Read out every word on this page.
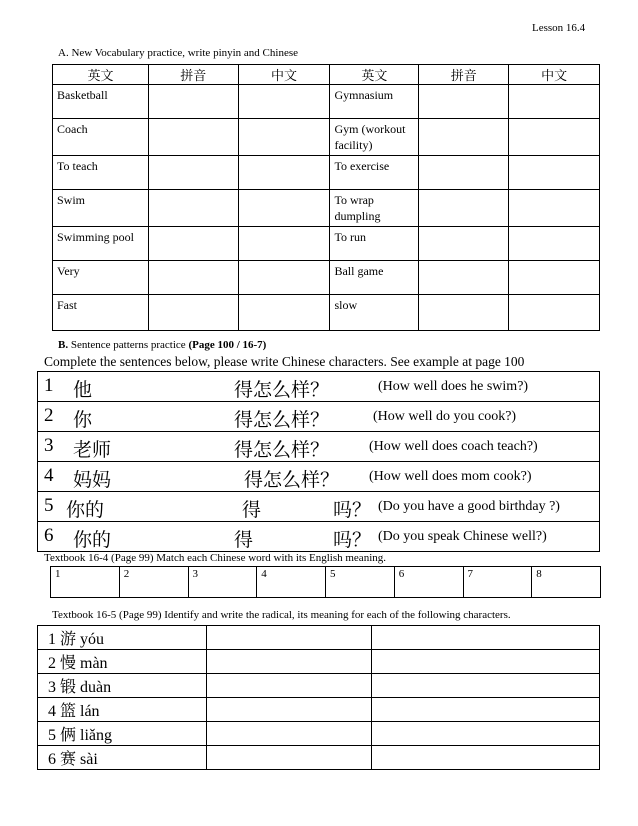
Lesson 16.4
A. New Vocabulary practice, write pinyin and Chinese
英文	拼音	中文	英文	拼音	中文
Basketball			Gymnasium		
Coach			Gym (workout facility)		
To teach			To exercise		
Swim			To wrap dumpling		
Swimming pool			To run		
Very			Ball game		
Fast			slow		
B. Sentence patterns practice (Page 100 / 16-7)
Complete the sentences below, please write Chinese characters. See example at page 100
1 他	得怎么样？	(How well does he swim?)

2 你	得怎么样？	(How well do you cook?)

3 老师	得怎么样？	(How well does coach teach?)

4 妈妈	得怎么样？ (How well does mom cook?)

5 你的	得	吗？ (Do you have a good birthday ?)

6 你的	得	吗？ (Do you speak Chinese well?)
Textbook 16-4 (Page 99) Match each Chinese word with its English meaning.
1	2	3	4	5	6	7	8
Textbook 16-5 (Page 99) Identify and write the radical, its meaning for each of the following characters.
1 游 yóu		
2 慢 màn		
3 锻 duàn		
4 篮 lán		
5 俩 liǎng		
6 赛 sài		
